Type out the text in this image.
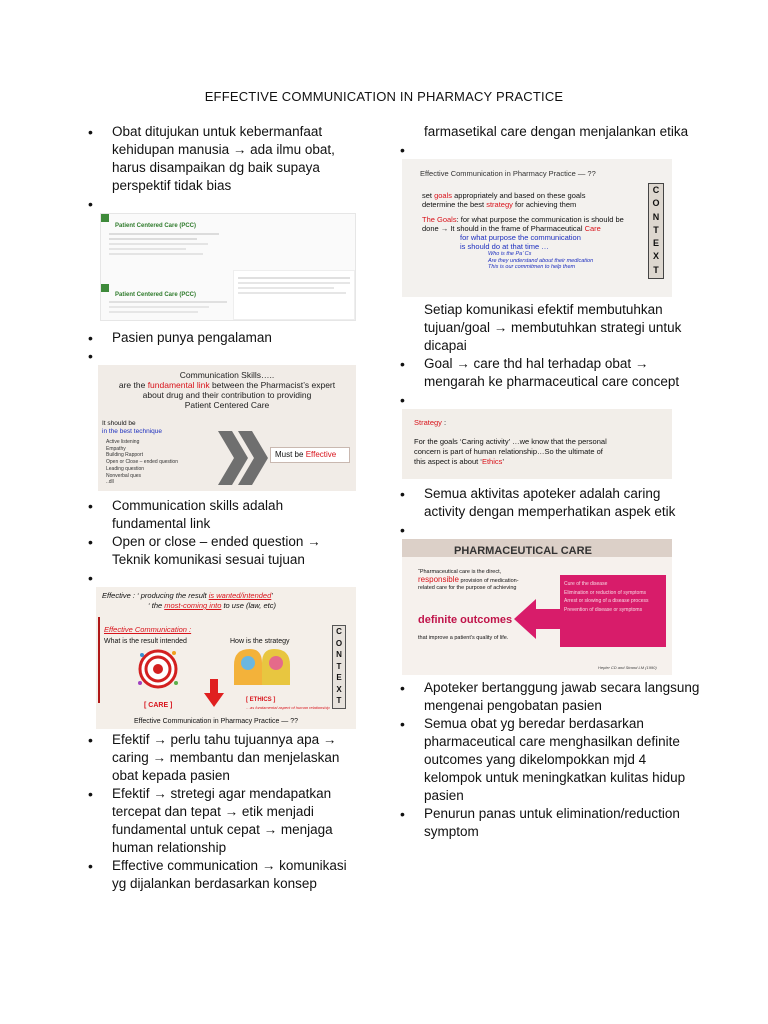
EFFECTIVE COMMUNICATION IN PHARMACY PRACTICE
• Obat ditujukan untuk kebermanfaat kehidupan manusia → ada ilmu obat, harus disampaikan dg baik supaya perspektif tidak bias
•
Patient Centered Care (PCC)
Patient Centered Care (PCC)
• Pasien punya pengalaman
•
Communication Skills…..
are the fundamental link between the Pharmacist’s expert
about drug and their contribution to providing
Patient Centered Care
It should be
in the best technique
Active listening
Empathy
Building Rapport
Open or Close – ended question
Leading question
Nonverbal ques
..dll
Must be Effective
• Communication skills adalah fundamental link
• Open or close – ended question → Teknik komunikasi sesuai tujuan
•
Effective : ‘ producing the result is wanted/intended’
‘ the most-coming into to use (law, etc)
Effective Communication :
What is the result intended	How is the strategy
[ CARE ]
[ ETHICS ]
…as fundamental aspect of human relationship
Effective Communication in Pharmacy Practice — ??
C
O
N
T
E
X
T
• Efektif → perlu tahu tujuannya apa → caring → membantu dan menjelaskan obat kepada pasien
• Efektif → stretegi agar mendapatkan tercepat dan tepat → etik menjadi fundamental untuk cepat → menjaga human relationship
• Effective communication → komunikasi yg dijalankan berdasarkan konsep
farmasetikal care dengan menjalankan etika
•
Effective Communication in Pharmacy Practice — ??
set goals appropriately and based on these goals
determine the best strategy for achieving them
The Goals: for what purpose the communication is should be done → It should in the frame of Pharmaceutical Care
for what purpose the communication
is should do at that time …
Who is the Pa’ Cs
Are they understand about their medication
This is our commitmen to help them
C
O
N
T
E
X
T
Setiap komunikasi efektif membutuhkan tujuan/goal → membutuhkan strategi untuk dicapai
• Goal → care thd hal terhadap obat → mengarah ke pharmaceutical care concept
•
Strategy :
For the goals ‘Caring activity’ …we know that the personal
concern is part of human relationship…So the ultimate of
this aspect is about ‘Ethics’
• Semua aktivitas apoteker adalah caring activity dengan memperhatikan aspek etik
•
PHARMACEUTICAL CARE
“Pharmaceutical care is the direct,
responsible provision of medication-
related care for the purpose of achieving
definite outcomes
that improve a patient’s quality of life.
Cure of the disease
Elimination or reduction of symptoms
Arrest or slowing of a disease process
Prevention of disease or symptoms
Hepler CD and Strand LM (1990)
• Apoteker bertanggung jawab secara langsung mengenai pengobatan pasien
• Semua obat yg beredar berdasarkan pharmaceutical care menghasilkan definite outcomes yang dikelompokkan mjd 4 kelompok untuk meningkatkan kulitas hidup pasien
• Penurun panas untuk elimination/reduction symptom
